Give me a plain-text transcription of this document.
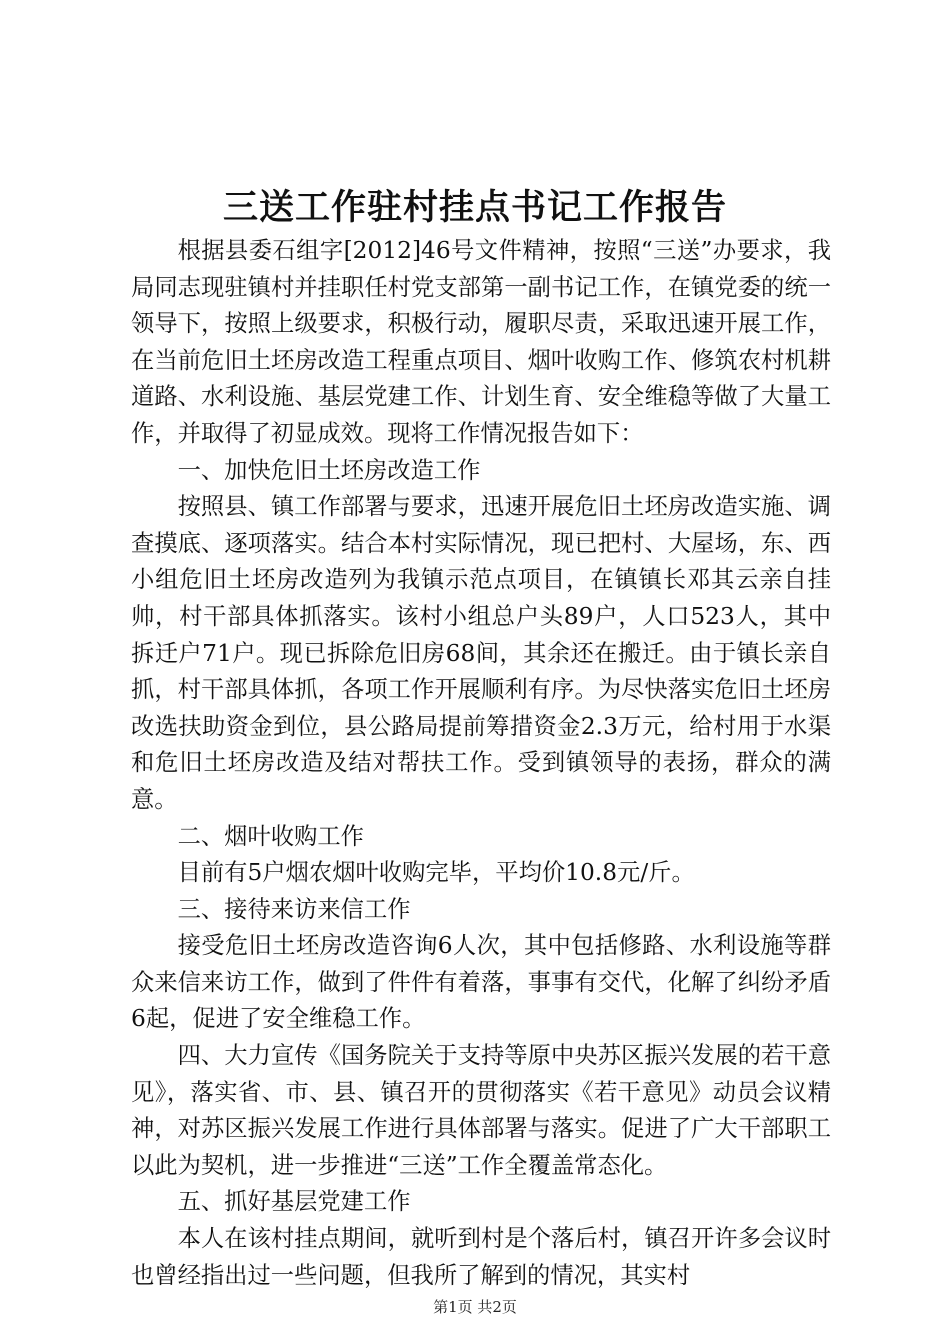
三送工作驻村挂点书记工作报告

根据县委石组字[2012]46号文件精神，按照“三送”办要求，我局同志现驻镇村并挂职任村党支部第一副书记工作，在镇党委的统一领导下，按照上级要求，积极行动，履职尽责，采取迅速开展工作，在当前危旧土坯房改造工程重点项目、烟叶收购工作、修筑农村机耕道路、水利设施、基层党建工作、计划生育、安全维稳等做了大量工作，并取得了初显成效。现将工作情况报告如下：

一、加快危旧土坯房改造工作

按照县、镇工作部署与要求，迅速开展危旧土坯房改造实施、调查摸底、逐项落实。结合本村实际情况，现已把村、大屋场，东、西小组危旧土坯房改造列为我镇示范点项目，在镇镇长邓其云亲自挂帅，村干部具体抓落实。该村小组总户头89户，人口523人，其中拆迁户71户。现已拆除危旧房68间，其余还在搬迁。由于镇长亲自抓，村干部具体抓，各项工作开展顺利有序。为尽快落实危旧土坯房改选扶助资金到位，县公路局提前筹措资金2.3万元，给村用于水渠和危旧土坯房改造及结对帮扶工作。受到镇领导的表扬，群众的满意。

二、烟叶收购工作

目前有5户烟农烟叶收购完毕，平均价10.8元/斤。

三、接待来访来信工作

接受危旧土坯房改造咨询6人次，其中包括修路、水利设施等群众来信来访工作，做到了件件有着落，事事有交代，化解了纠纷矛盾6起，促进了安全维稳工作。

四、大力宣传《国务院关于支持等原中央苏区振兴发展的若干意见》，落实省、市、县、镇召开的贯彻落实《若干意见》动员会议精神，对苏区振兴发展工作进行具体部署与落实。促进了广大干部职工以此为契机，进一步推进“三送”工作全覆盖常态化。

五、抓好基层党建工作

本人在该村挂点期间，就听到村是个落后村，镇召开许多会议时也曾经指出过一些问题，但我所了解到的情况，其实村

第1页 共2页
